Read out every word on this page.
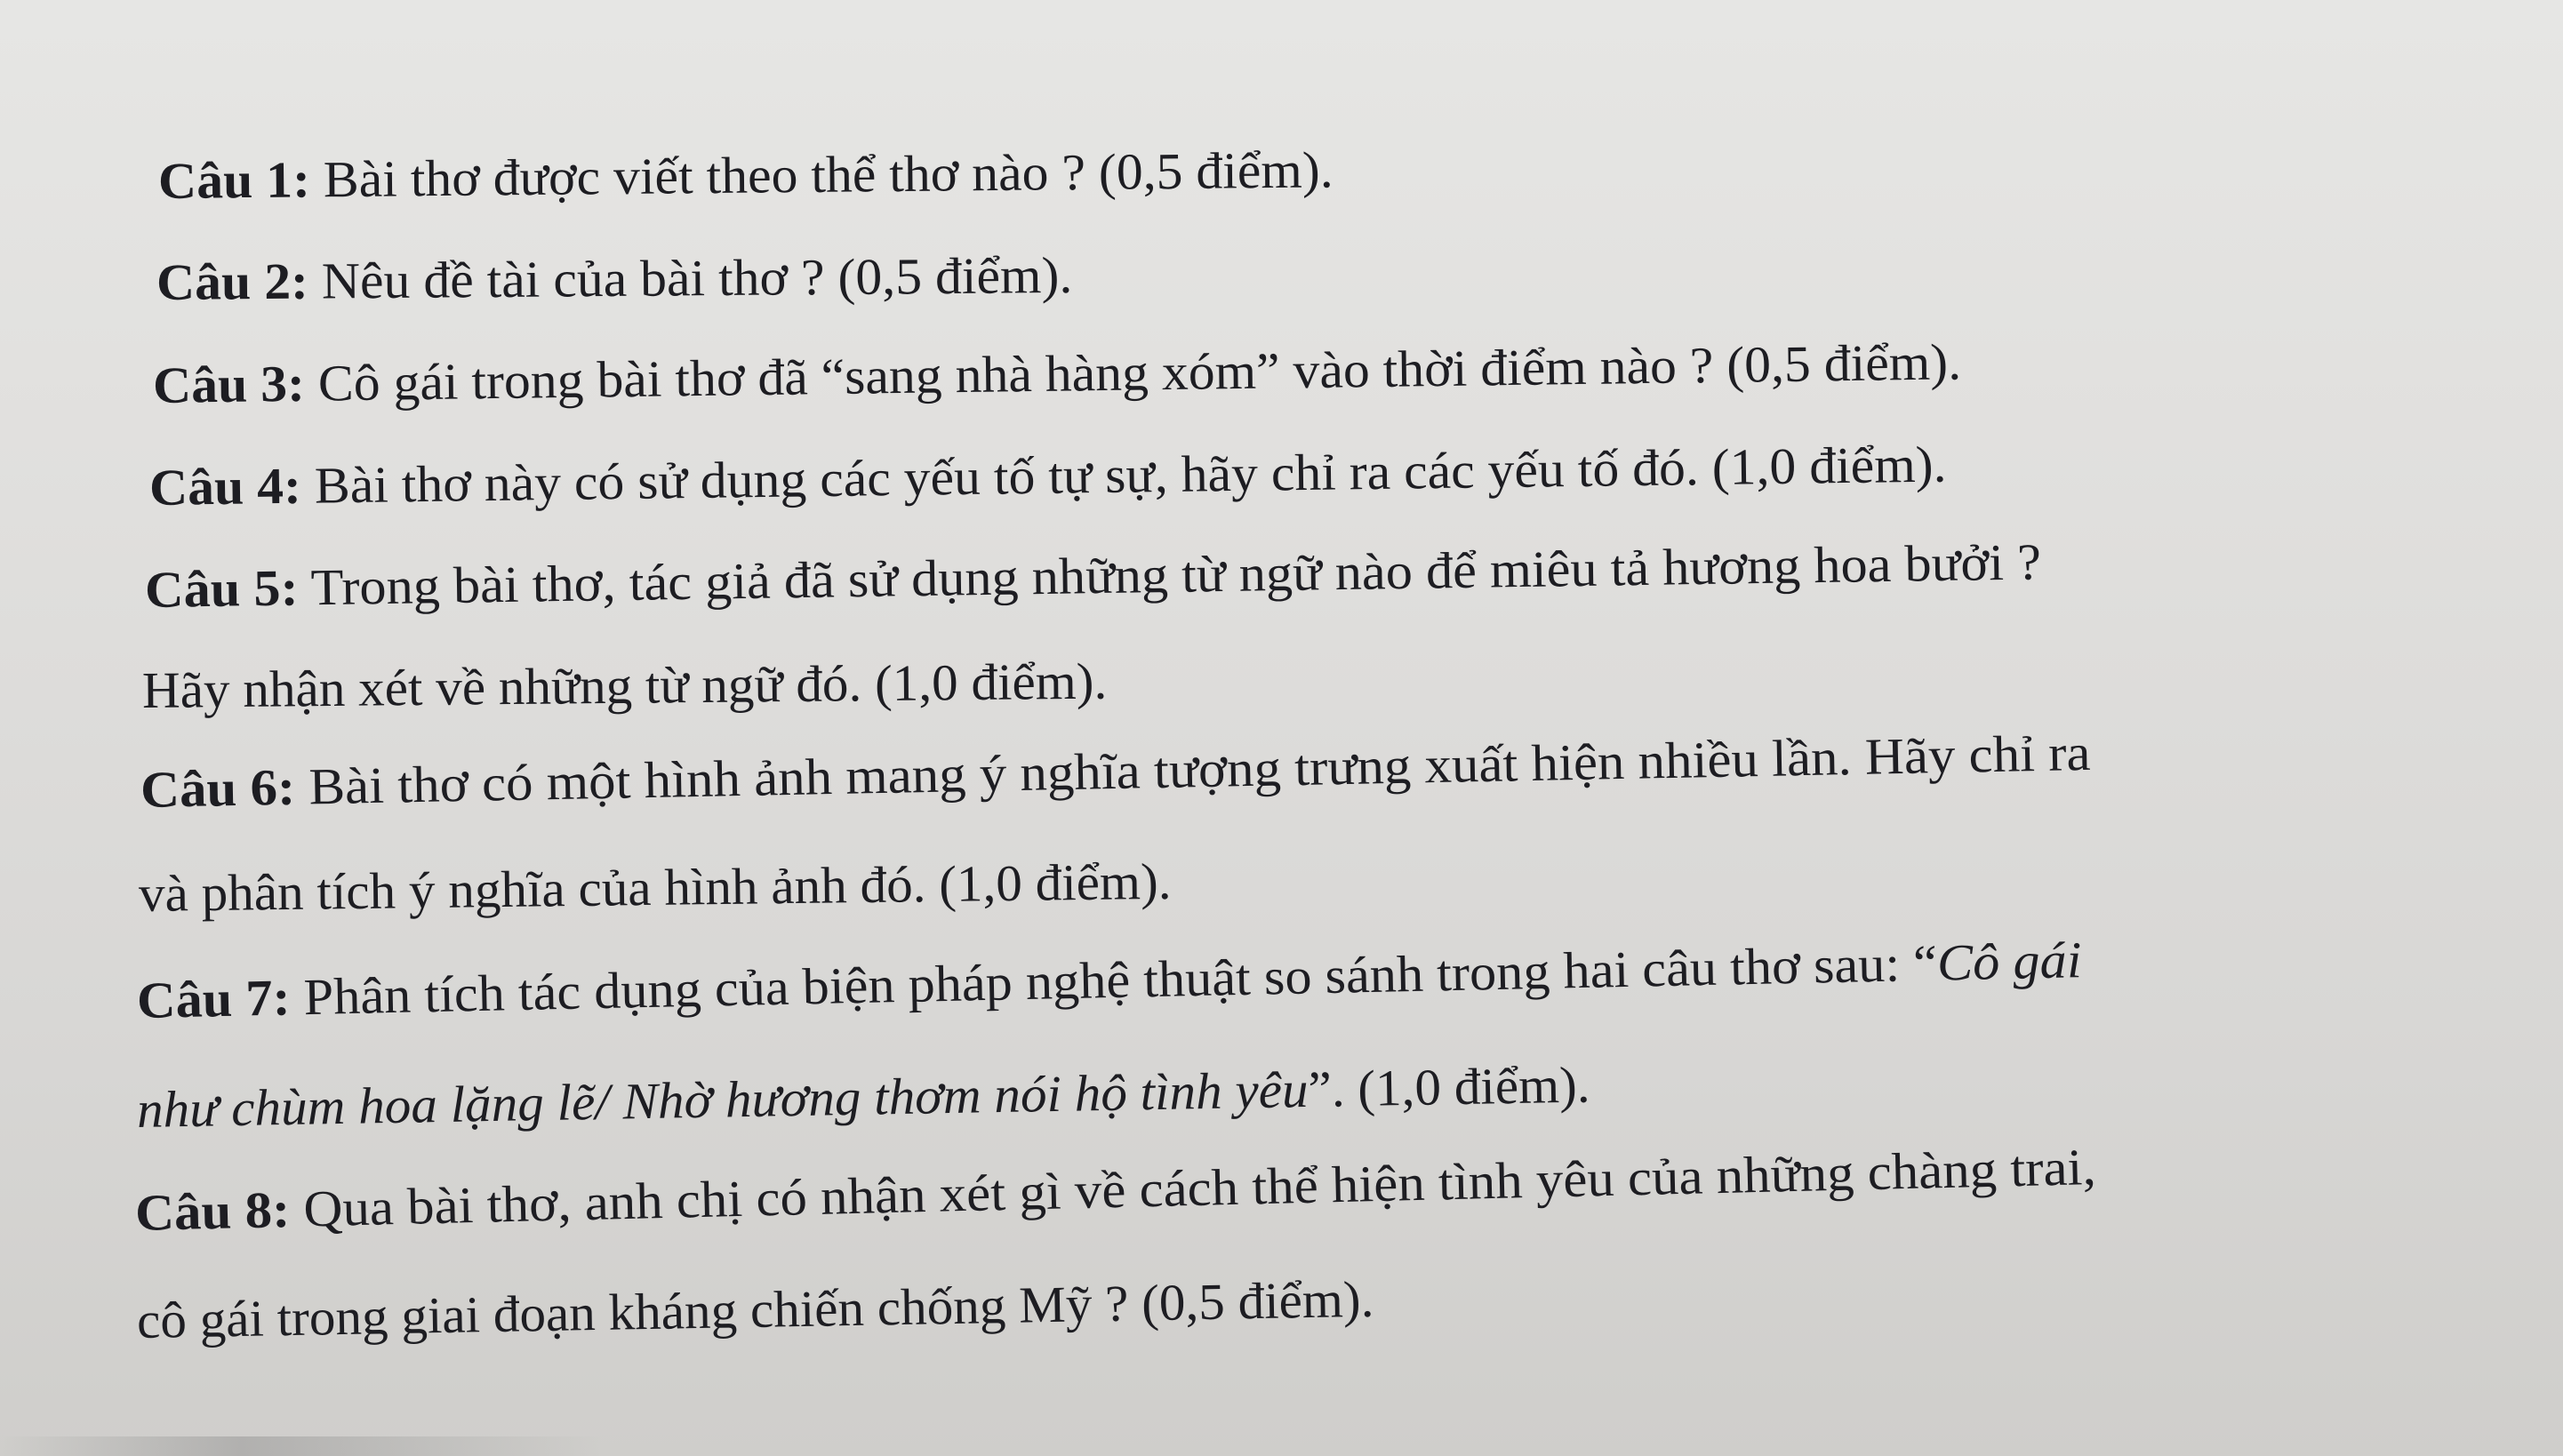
Câu 1: Bài thơ được viết theo thể thơ nào ? (0,5 điểm).
Câu 2: Nêu đề tài của bài thơ ? (0,5 điểm).
Câu 3: Cô gái trong bài thơ đã “sang nhà hàng xóm” vào thời điểm nào ? (0,5 điểm).
Câu 4: Bài thơ này có sử dụng các yếu tố tự sự, hãy chỉ ra các yếu tố đó. (1,0 điểm).
Câu 5: Trong bài thơ, tác giả đã sử dụng những từ ngữ nào để miêu tả hương hoa bưởi ?
Hãy nhận xét về những từ ngữ đó. (1,0 điểm).
Câu 6: Bài thơ có một hình ảnh mang ý nghĩa tượng trưng xuất hiện nhiều lần. Hãy chỉ ra
và phân tích ý nghĩa của hình ảnh đó. (1,0 điểm).
Câu 7: Phân tích tác dụng của biện pháp nghệ thuật so sánh trong hai câu thơ sau: “Cô gái
như chùm hoa lặng lẽ/ Nhờ hương thơm nói hộ tình yêu”. (1,0 điểm).
Câu 8: Qua bài thơ, anh chị có nhận xét gì về cách thể hiện tình yêu của những chàng trai,
cô gái trong giai đoạn kháng chiến chống Mỹ ? (0,5 điểm).
